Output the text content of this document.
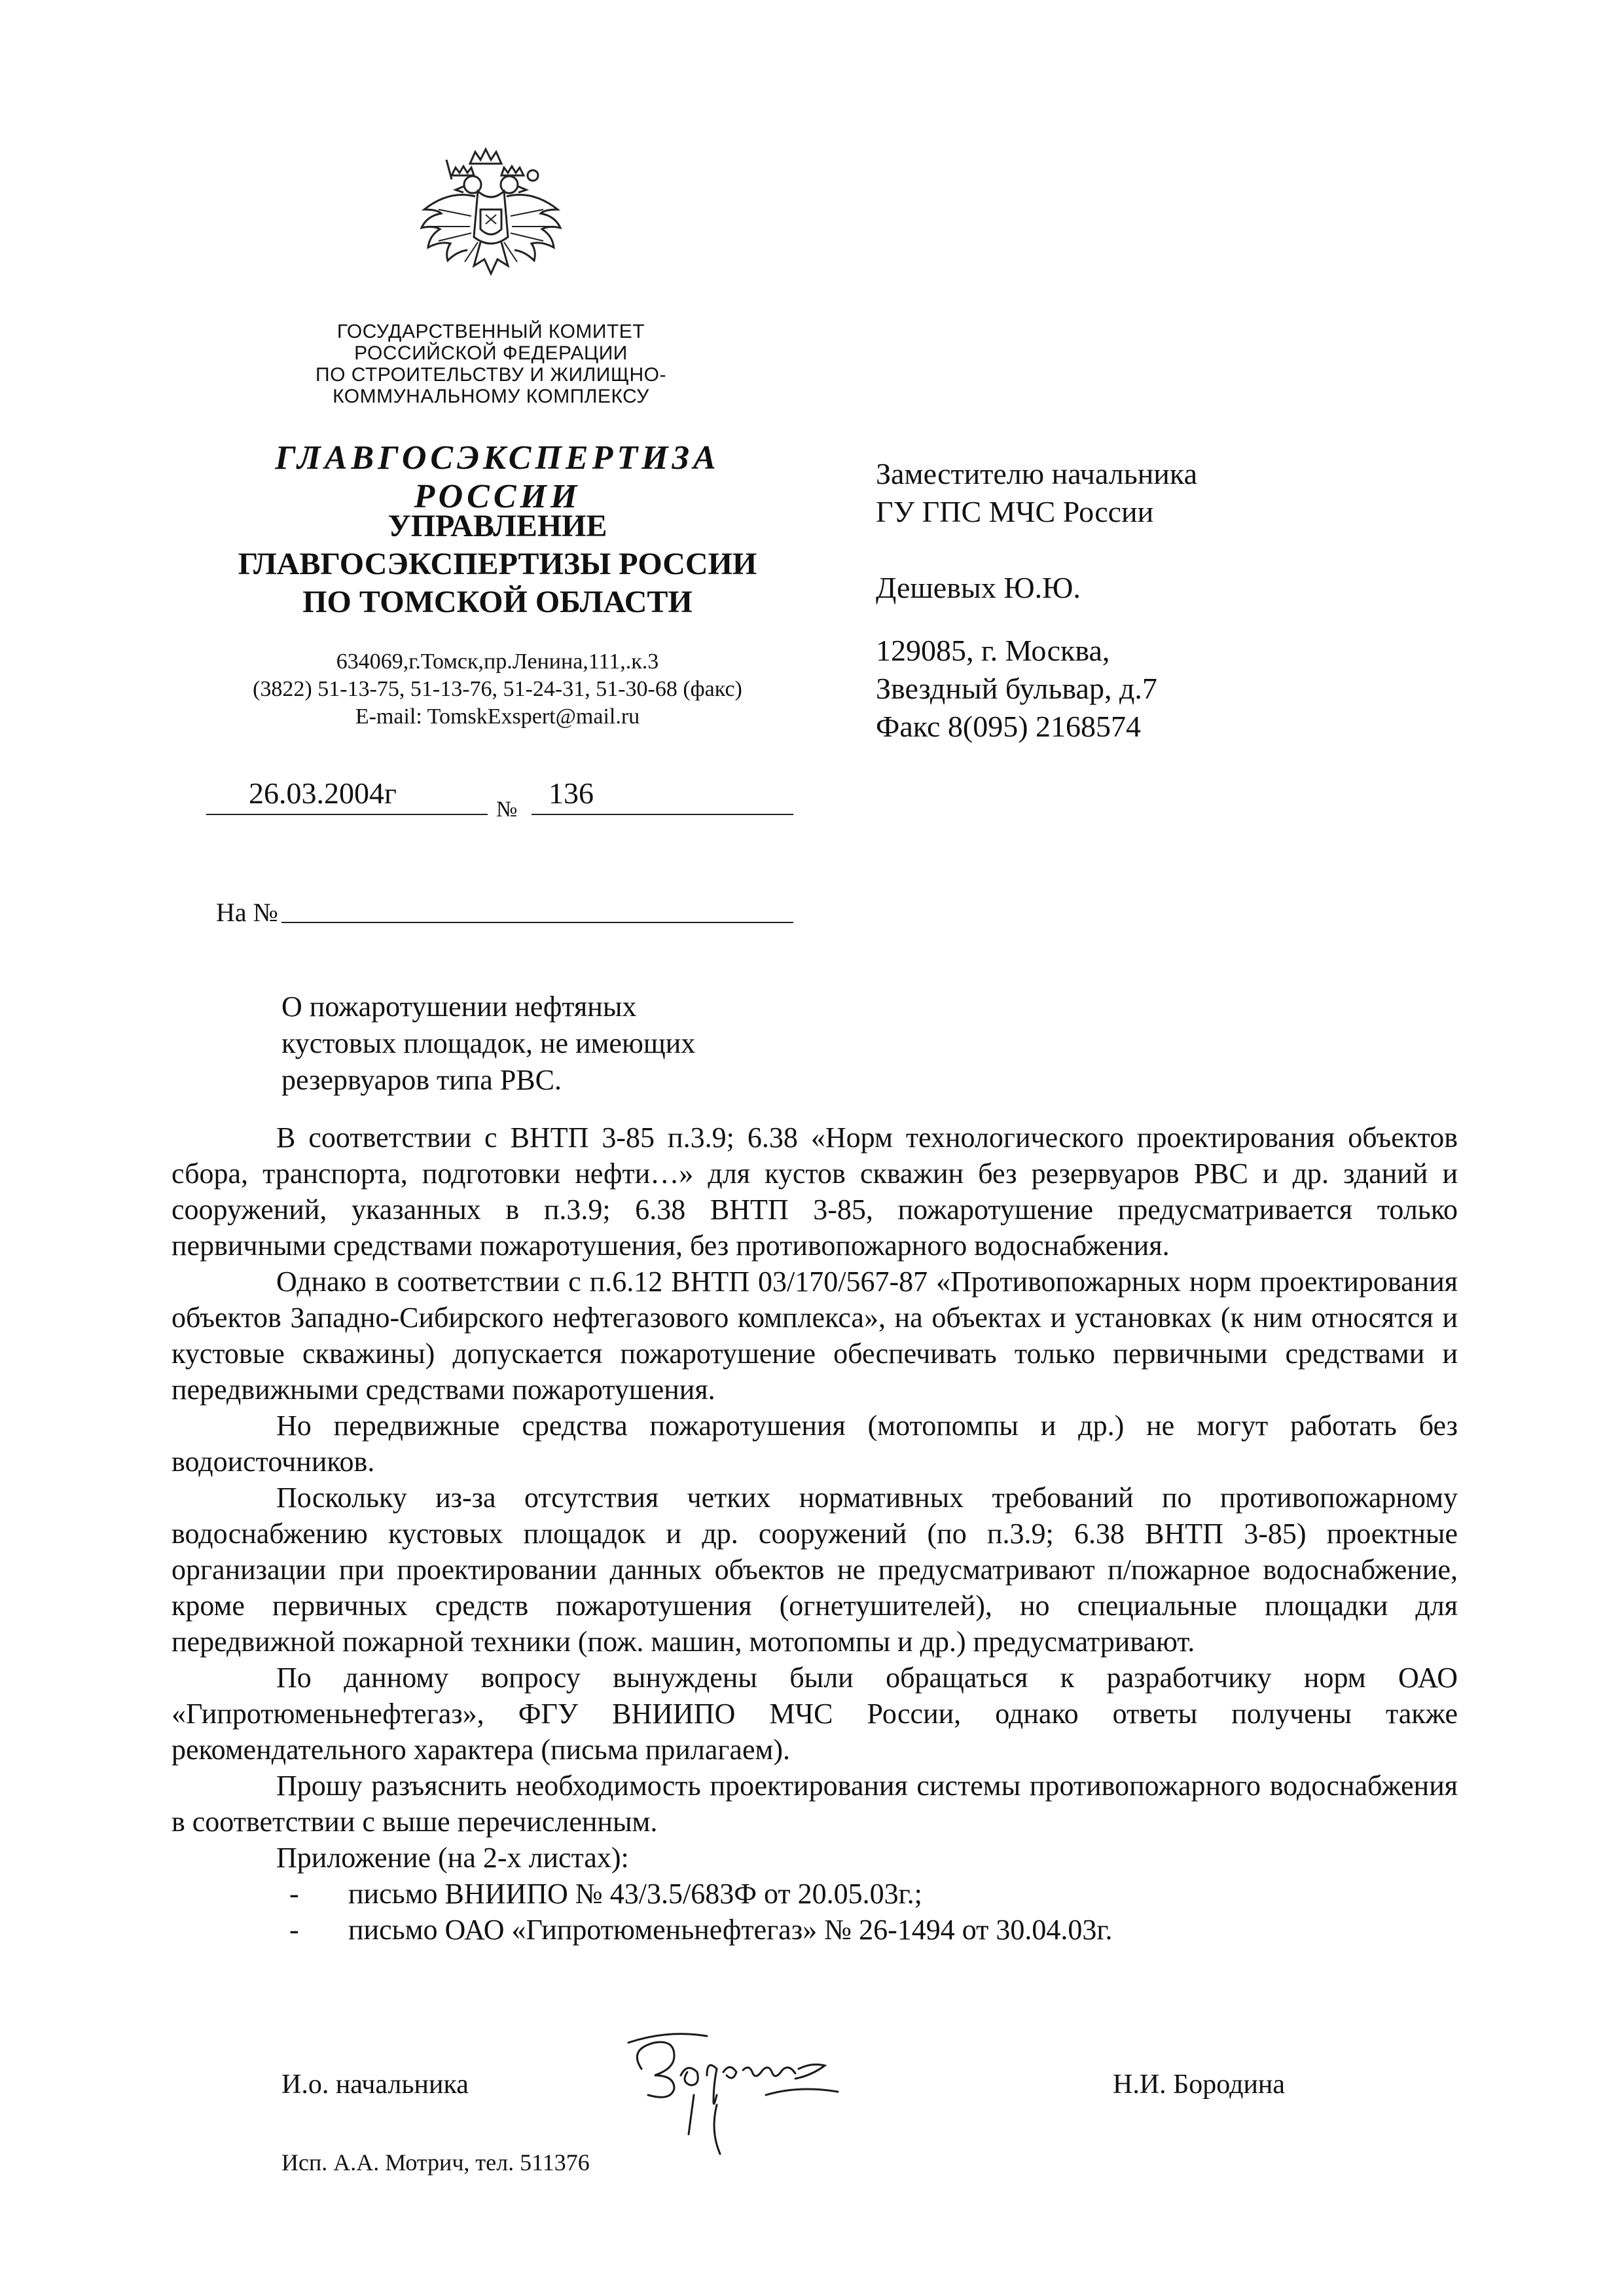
ГОСУДАРСТВЕННЫЙ КОМИТЕТ
РОССИЙСКОЙ ФЕДЕРАЦИИ
ПО СТРОИТЕЛЬСТВУ И ЖИЛИЩНО-
КОММУНАЛЬНОМУ КОМПЛЕКСУ
ГЛАВГОСЭКСПЕРТИЗА РОССИИ
УПРАВЛЕНИЕ
ГЛАВГОСЭКСПЕРТИЗЫ РОССИИ
ПО ТОМСКОЙ ОБЛАСТИ
634069,г.Томск,пр.Ленина,111,.к.3
(3822) 51-13-75, 51-13-76, 51-24-31, 51-30-68 (факс)
E-mail: TomskExspert@mail.ru
Заместителю начальника
ГУ ГПС МЧС России
Дешевых Ю.Ю.
129085, г. Москва,
Звездный бульвар, д.7
Факс 8(095) 2168574
26.03.2004г	№ 136
На №
О пожаротушении нефтяных
кустовых площадок, не имеющих
резервуаров типа РВС.

В соответствии с ВНТП 3-85 п.3.9; 6.38 «Норм технологического проектирования объектов сбора, транспорта, подготовки нефти…» для кустов скважин без резервуаров РВС и др. зданий и сооружений, указанных в п.3.9; 6.38 ВНТП 3-85, пожаротушение предусматривается только первичными средствами пожаротушения, без противопожарного водоснабжения.

Однако в соответствии с п.6.12 ВНТП 03/170/567-87 «Противопожарных норм проектирования объектов Западно-Сибирского нефтегазового комплекса», на объектах и установках (к ним относятся и кустовые скважины) допускается пожаротушение обеспечивать только первичными средствами и передвижными средствами пожаротушения.

Но передвижные средства пожаротушения (мотопомпы и др.) не могут работать без водоисточников.

Поскольку из-за отсутствия четких нормативных требований по противопожарному водоснабжению кустовых площадок и др. сооружений (по п.3.9; 6.38 ВНТП 3-85) проектные организации при проектировании данных объектов не предусматривают п/пожарное водоснабжение, кроме первичных средств пожаротушения (огнетушителей), но специальные площадки для передвижной пожарной техники (пож. машин, мотопомпы и др.) предусматривают.

По данному вопросу вынуждены были обращаться к разработчику норм ОАО «Гипротюменьнефтегаз», ФГУ ВНИИПО МЧС России, однако ответы получены также рекомендательного характера (письма прилагаем).

Прошу разъяснить необходимость проектирования системы противопожарного водоснабжения в соответствии с выше перечисленным.

Приложение (на 2-х листах):
-	письмо ВНИИПО № 43/3.5/683Ф от 20.05.03г.;
-	письмо ОАО «Гипротюменьнефтегаз» № 26-1494 от 30.04.03г.
И.о. начальника	Н.И. Бородина
Исп. А.А. Мотрич, тел. 511376
